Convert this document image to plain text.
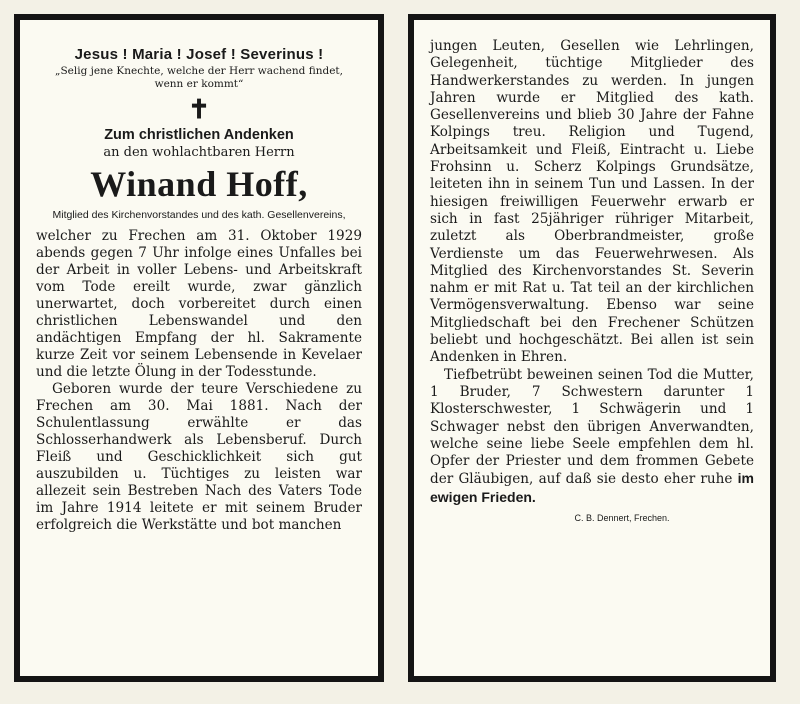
Jesus ! Maria ! Josef ! Severinus !
„Selig jene Knechte, welche der Herr wachend findet, wenn er kommt“
✝
Zum christlichen Andenken
an den wohlachtbaren Herrn
Winand Hoff,
Mitglied des Kirchenvorstandes und des kath. Gesellenvereins,

welcher zu Frechen am 31. Oktober 1929 abends gegen 7 Uhr infolge eines Unfalles bei der Arbeit in voller Lebens- und Arbeitskraft vom Tode ereilt wurde, zwar gänzlich unerwartet, doch vorbereitet durch einen christlichen Lebenswandel und den andächtigen Empfang der hl. Sakramente kurze Zeit vor seinem Lebensende in Kevelaer und die letzte Ölung in der Todesstunde.

Geboren wurde der teure Verschiedene zu Frechen am 30. Mai 1881. Nach der Schulentlassung erwählte er das Schlosserhandwerk als Lebensberuf. Durch Fleiß und Geschicklichkeit sich gut auszubilden u. Tüchtiges zu leisten war allezeit sein Bestreben Nach des Vaters Tode im Jahre 1914 leitete er mit seinem Bruder erfolgreich die Werkstätte und bot manchen

jungen Leuten, Gesellen wie Lehrlingen, Gelegenheit, tüchtige Mitglieder des Handwerkerstandes zu werden. In jungen Jahren wurde er Mitglied des kath. Gesellenvereins und blieb 30 Jahre der Fahne Kolpings treu. Religion und Tugend, Arbeitsamkeit und Fleiß, Eintracht u. Liebe Frohsinn u. Scherz Kolpings Grundsätze, leiteten ihn in seinem Tun und Lassen. In der hiesigen freiwilligen Feuerwehr erwarb er sich in fast 25jähriger rühriger Mitarbeit, zuletzt als Oberbrandmeister, große Verdienste um das Feuerwehrwesen. Als Mitglied des Kirchenvorstandes St. Severin nahm er mit Rat u. Tat teil an der kirchlichen Vermögensverwaltung. Ebenso war seine Mitgliedschaft bei den Frechener Schützen beliebt und hochgeschätzt. Bei allen ist sein Andenken in Ehren.

Tiefbetrübt beweinen seinen Tod die Mutter, 1 Bruder, 7 Schwestern darunter 1 Klosterschwester, 1 Schwägerin und 1 Schwager nebst den übrigen Anverwandten, welche seine liebe Seele empfehlen dem hl. Opfer der Priester und dem frommen Gebete der Gläubigen, auf daß sie desto eher ruhe im ewigen Frieden.

C. B. Dennert, Frechen.
